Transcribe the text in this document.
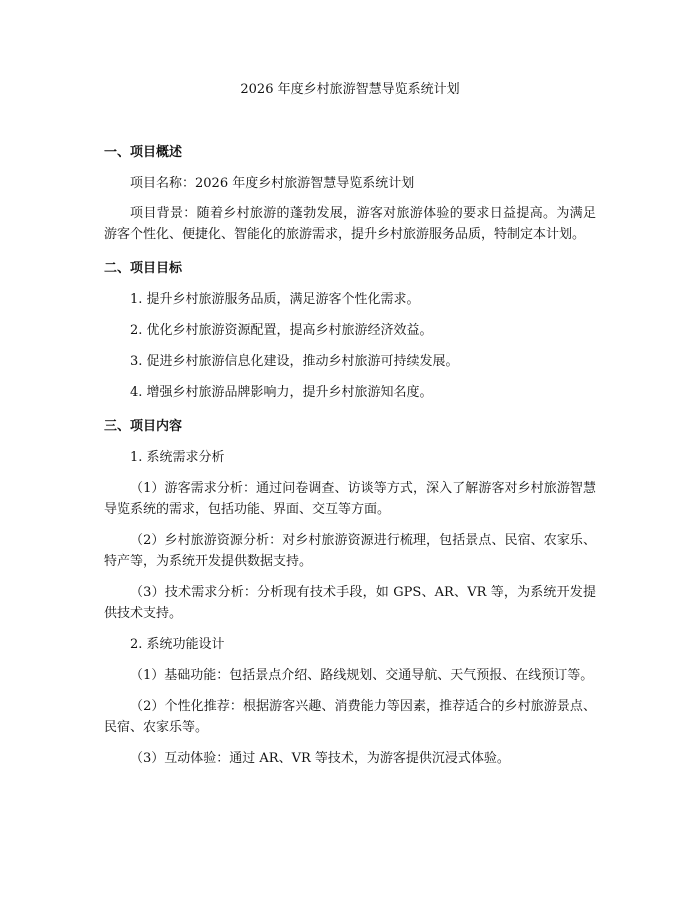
2026 年度乡村旅游智慧导览系统计划
一、项目概述

项目名称：2026 年度乡村旅游智慧导览系统计划

项目背景：随着乡村旅游的蓬勃发展，游客对旅游体验的要求日益提高。为满足游客个性化、便捷化、智能化的旅游需求，提升乡村旅游服务品质，特制定本计划。

二、项目目标

1. 提升乡村旅游服务品质，满足游客个性化需求。

2. 优化乡村旅游资源配置，提高乡村旅游经济效益。

3. 促进乡村旅游信息化建设，推动乡村旅游可持续发展。

4. 增强乡村旅游品牌影响力，提升乡村旅游知名度。

三、项目内容

1. 系统需求分析

（1）游客需求分析：通过问卷调查、访谈等方式，深入了解游客对乡村旅游智慧导览系统的需求，包括功能、界面、交互等方面。

（2）乡村旅游资源分析：对乡村旅游资源进行梳理，包括景点、民宿、农家乐、特产等，为系统开发提供数据支持。

（3）技术需求分析：分析现有技术手段，如 GPS、AR、VR 等，为系统开发提供技术支持。

2. 系统功能设计

（1）基础功能：包括景点介绍、路线规划、交通导航、天气预报、在线预订等。

（2）个性化推荐：根据游客兴趣、消费能力等因素，推荐适合的乡村旅游景点、民宿、农家乐等。

（3）互动体验：通过 AR、VR 等技术，为游客提供沉浸式体验。
